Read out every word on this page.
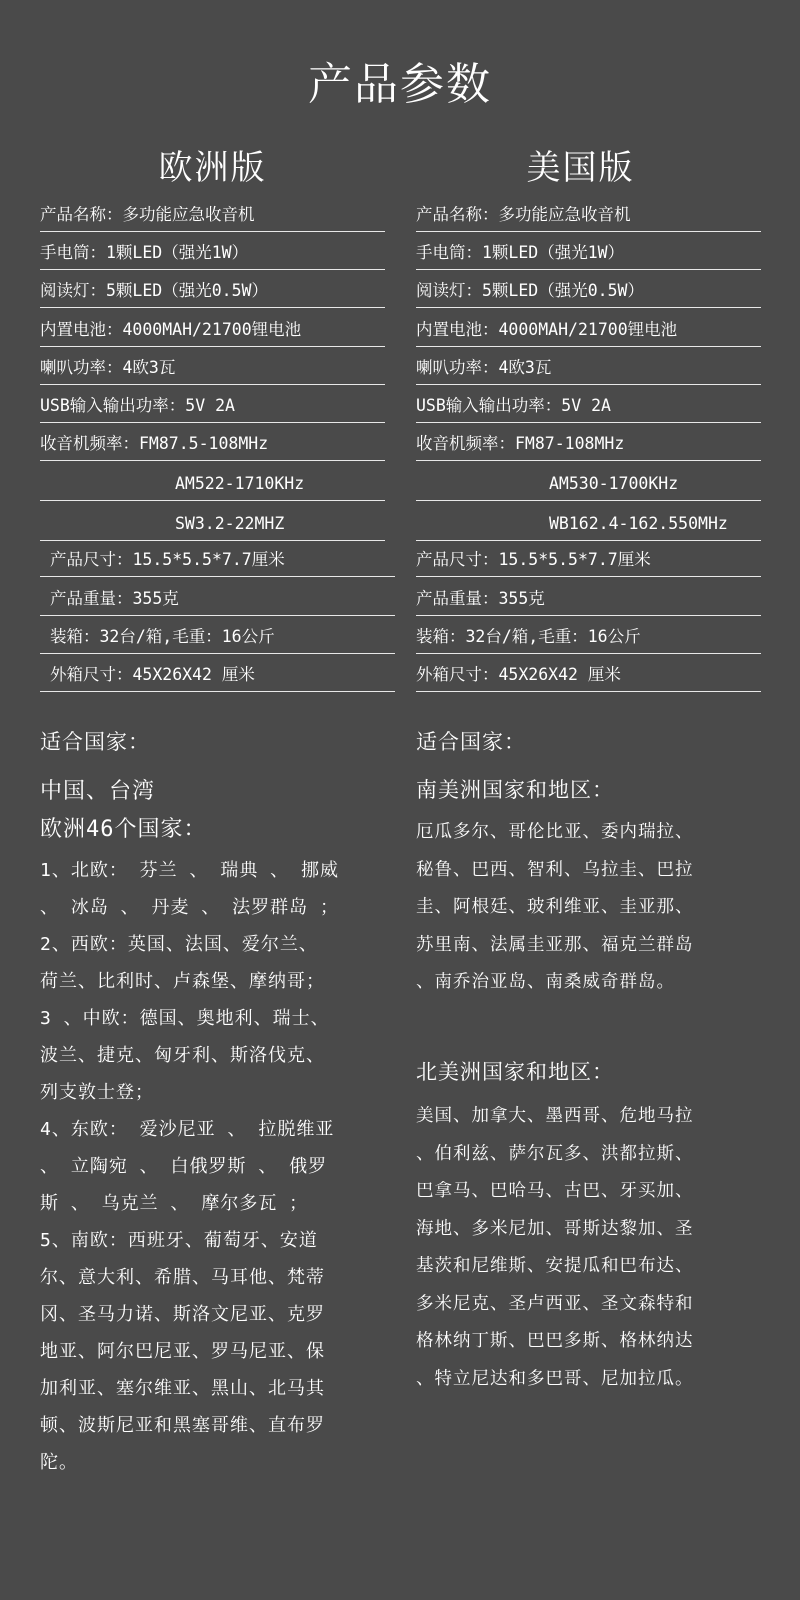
产品参数
欧洲版	美国版
产品名称：多功能应急收音机
手电筒：1颗LED（强光1W）
阅读灯：5颗LED（强光0.5W）
内置电池：4000MAH/21700锂电池
喇叭功率：4欧3瓦
USB输入输出功率：5V 2A
收音机频率：FM87.5-108MHz
AM522-1710KHz
SW3.2-22MHZ
产品尺寸：15.5*5.5*7.7厘米
产品重量：355克
装箱：32台/箱,毛重：16公斤
外箱尺寸：45X26X42 厘米
产品名称：多功能应急收音机
手电筒：1颗LED（强光1W）
阅读灯：5颗LED（强光0.5W）
内置电池：4000MAH/21700锂电池
喇叭功率：4欧3瓦
USB输入输出功率：5V 2A
收音机频率：FM87-108MHz
AM530-1700KHz
WB162.4-162.550MHz
产品尺寸：15.5*5.5*7.7厘米
产品重量：355克
装箱：32台/箱,毛重：16公斤
外箱尺寸：45X26X42 厘米
适合国家：
中国、台湾
欧洲46个国家：

1、北欧： 芬兰 、 瑞典 、 挪威

、 冰岛 、 丹麦 、 法罗群岛 ；

2、西欧：英国、法国、爱尔兰、

荷兰、比利时、卢森堡、摩纳哥；

3 、中欧：德国、奥地利、瑞士、

波兰、捷克、匈牙利、斯洛伐克、

列支敦士登；

4、东欧： 爱沙尼亚 、 拉脱维亚

、 立陶宛 、 白俄罗斯 、 俄罗

斯 、 乌克兰 、 摩尔多瓦 ；

5、南欧：西班牙、葡萄牙、安道

尔、意大利、希腊、马耳他、梵蒂

冈、圣马力诺、斯洛文尼亚、克罗

地亚、阿尔巴尼亚、罗马尼亚、保

加利亚、塞尔维亚、黑山、北马其

顿、波斯尼亚和黑塞哥维、直布罗

陀。

适合国家：
南美洲国家和地区：

厄瓜多尔、哥伦比亚、委内瑞拉、

秘鲁、巴西、智利、乌拉圭、巴拉

圭、阿根廷、玻利维亚、圭亚那、

苏里南、法属圭亚那、福克兰群岛

、南乔治亚岛、南桑威奇群岛。

北美洲国家和地区：

美国、加拿大、墨西哥、危地马拉

、伯利兹、萨尔瓦多、洪都拉斯、

巴拿马、巴哈马、古巴、牙买加、

海地、多米尼加、哥斯达黎加、圣

基茨和尼维斯、安提瓜和巴布达、

多米尼克、圣卢西亚、圣文森特和

格林纳丁斯、巴巴多斯、格林纳达

、特立尼达和多巴哥、尼加拉瓜。
